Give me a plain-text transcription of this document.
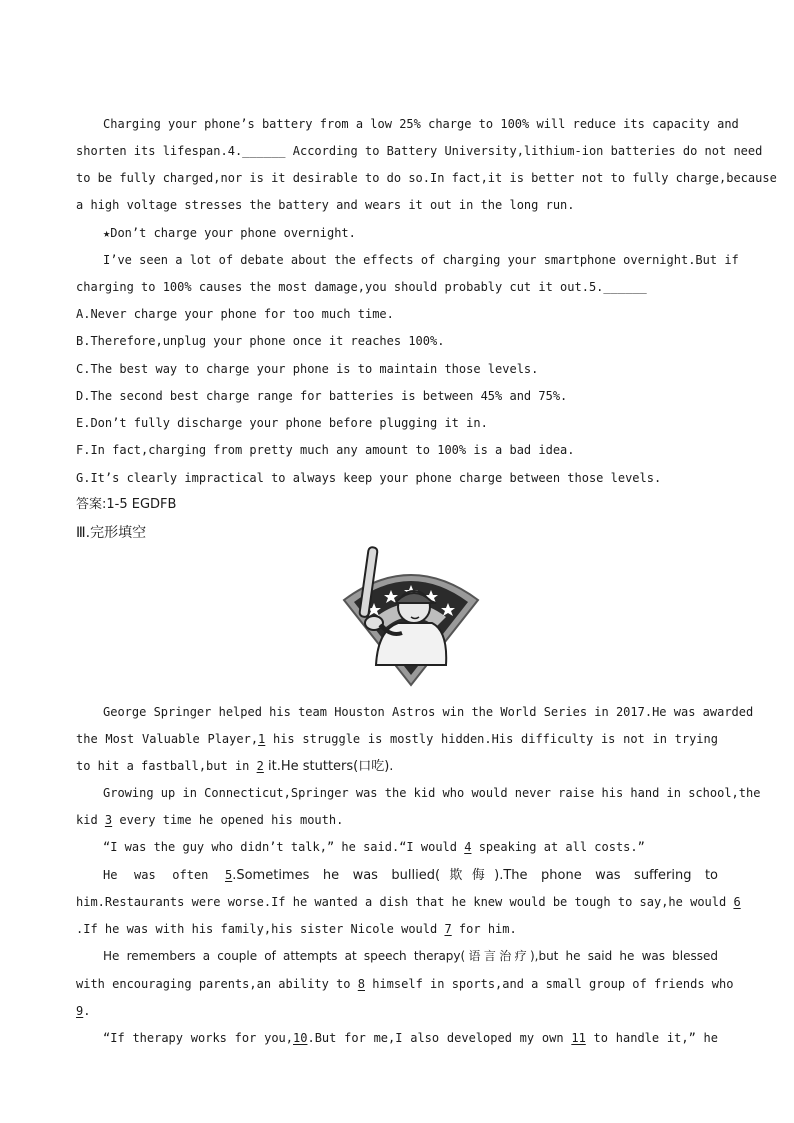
Charging your phone’s battery from a low 25% charge to 100% will reduce its capacity and
shorten its lifespan.4.______ According to Battery University,lithium-ion batteries do not need
to be fully charged,nor is it desirable to do so.In fact,it is better not to fully charge,because
a high voltage stresses the battery and wears it out in the long run.
★Don’t charge your phone overnight.
I’ve seen a lot of debate about the effects of charging your smartphone overnight.But if
charging to 100% causes the most damage,you should probably cut it out.5.______
A.Never charge your phone for too much time.
B.Therefore,unplug your phone once it reaches 100%.
C.The best way to charge your phone is to maintain those levels.
D.The second best charge range for batteries is between 45% and 75%.
E.Don’t fully discharge your phone before plugging it in.
F.In fact,charging from pretty much any amount to 100% is a bad idea.
G.It’s clearly impractical to always keep your phone charge between those levels.
答案:1-5 EGDFB
Ⅲ.完形填空
George Springer helped his team Houston Astros win the World Series in 2017.He was awarded
the Most Valuable Player,1 his struggle is mostly hidden.His difficulty is not in trying
to hit a fastball,but in 2 it.He stutters(口吃).
Growing up in Connecticut,Springer was the kid who would never raise his hand in school,the
kid 3 every time he opened his mouth.
“I was the guy who didn’t talk,” he said.“I would 4 speaking at all costs.”
He was often 5.Sometimes he was bullied(欺侮).The phone was suffering to
him.Restaurants were worse.If he wanted a dish that he knew would be tough to say,he would 6
.If he was with his family,his sister Nicole would 7 for him.
He remembers a couple of attempts at speech therapy(语言治疗),but he said he was blessed
with encouraging parents,an ability to 8 himself in sports,and a small group of friends who
9.
“If therapy works for you,10.But for me,I also developed my own 11 to handle it,” he
